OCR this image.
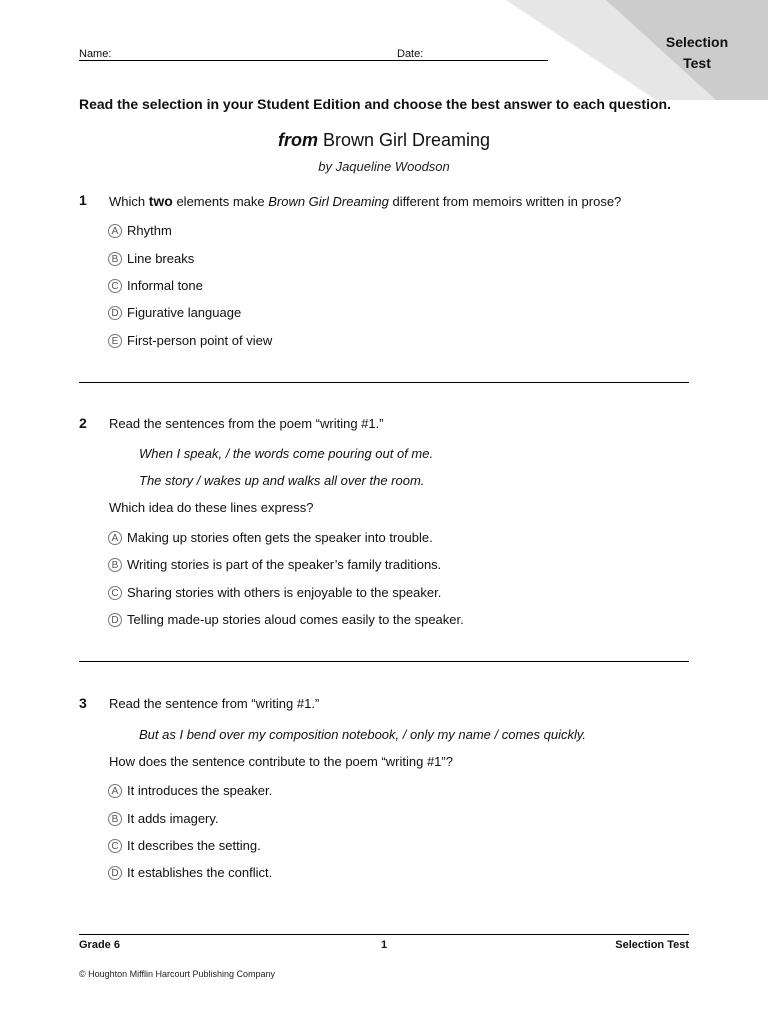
Selection
Test
Name:	Date:
Read the selection in your Student Edition and choose the best answer to each question.
from Brown Girl Dreaming
by Jaqueline Woodson
1 Which two elements make Brown Girl Dreaming different from memoirs written in prose?
A Rhythm
B Line breaks
C Informal tone
D Figurative language
E First-person point of view
2 Read the sentences from the poem “writing #1.”
When I speak, / the words come pouring out of me.
The story / wakes up and walks all over the room.
Which idea do these lines express?
A Making up stories often gets the speaker into trouble.
B Writing stories is part of the speaker’s family traditions.
C Sharing stories with others is enjoyable to the speaker.
D Telling made-up stories aloud comes easily to the speaker.
3 Read the sentence from “writing #1.”
But as I bend over my composition notebook, / only my name / comes quickly.
How does the sentence contribute to the poem “writing #1”?
A It introduces the speaker.
B It adds imagery.
C It describes the setting.
D It establishes the conflict.
Grade 6	1	Selection Test
© Houghton Mifflin Harcourt Publishing Company
